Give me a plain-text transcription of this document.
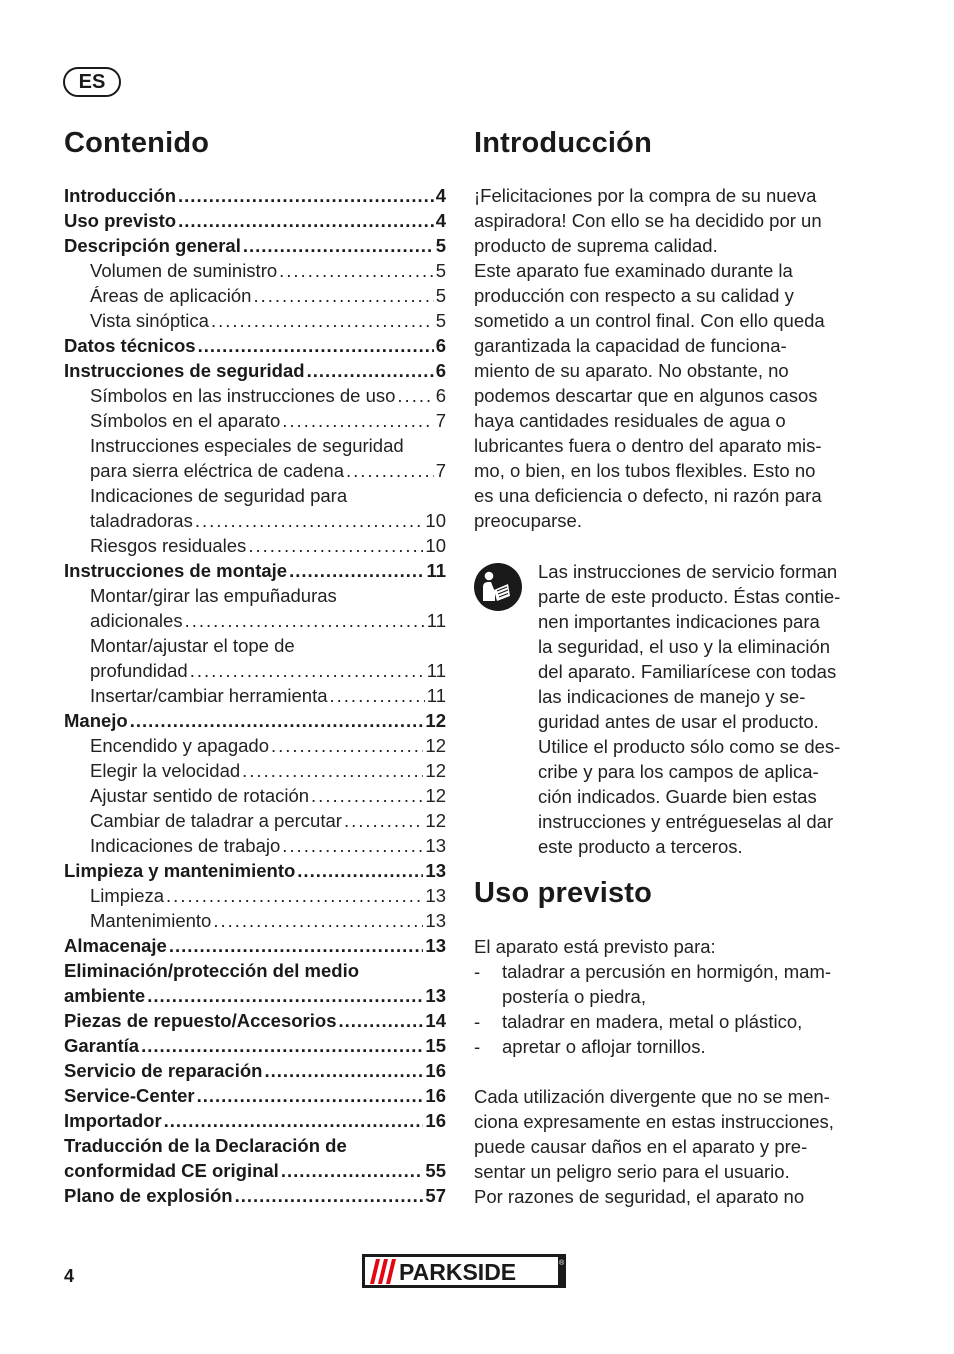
ES
Contenido
Introducción .....	4
Uso previsto .....	4
Descripción general .....	5
Volumen de suministro .....	5
Áreas de aplicación .....	5
Vista sinóptica .....	5
Datos técnicos .....	6
Instrucciones de seguridad .....	6
Símbolos en las instrucciones de uso ..... 6
Símbolos en el aparato .....	7
Instrucciones especiales de seguridad
para sierra eléctrica de cadena .....	7
Indicaciones de seguridad para
taladradoras .....	10
Riesgos residuales .....	10
Instrucciones de montaje .....	11
Montar/girar las empuñaduras
adicionales .....	11
Montar/ajustar el tope de
profundidad .....	11
Insertar/cambiar herramienta .....	11
Manejo .....	12
Encendido y apagado .....	12
Elegir la velocidad .....	12
Ajustar sentido de rotación .....	12
Cambiar de taladrar a percutar .....	12
Indicaciones de trabajo .....	13
Limpieza y mantenimiento .....	13
Limpieza .....	13
Mantenimiento .....	13
Almacenaje .....	13
Eliminación/protección del medio
ambiente .....	13
Piezas de repuesto/Accesorios .....	14
Garantía .....	15
Servicio de reparación .....	16
Service-Center .....	16
Importador .....	16
Traducción de la Declaración de
conformidad CE original .....	55
Plano de explosión .....	57
Introducción

¡Felicitaciones por la compra de su nueva
aspiradora! Con ello se ha decidido por un
producto de suprema calidad.
Este aparato fue examinado durante la
producción con respecto a su calidad y
sometido a un control final. Con ello queda
garantizada la capacidad de funciona-
miento de su aparato. No obstante, no
podemos descartar que en algunos casos
haya cantidades residuales de agua o
lubricantes fuera o dentro del aparato mis-
mo, o bien, en los tubos flexibles. Esto no
es una deficiencia o defecto, ni razón para
preocuparse.

Las instrucciones de servicio forman
parte de este producto. Éstas contie-
nen importantes indicaciones para
la seguridad, el uso y la eliminación
del aparato. Familiarícese con todas
las indicaciones de manejo y se-
guridad antes de usar el producto.
Utilice el producto sólo como se des-
cribe y para los campos de aplica-
ción indicados. Guarde bien estas
instrucciones y entrégueselas al dar
este producto a terceros.

Uso previsto

El aparato está previsto para:

- taladrar a percusión en hormigón, mam-
postería o piedra,
- taladrar en madera, metal o plástico,
- apretar o aflojar tornillos.

Cada utilización divergente que no se men-
ciona expresamente en estas instrucciones,
puede causar daños en el aparato y pre-
sentar un peligro serio para el usuario.
Por razones de seguridad, el aparato no

4	PARKSIDE	®
